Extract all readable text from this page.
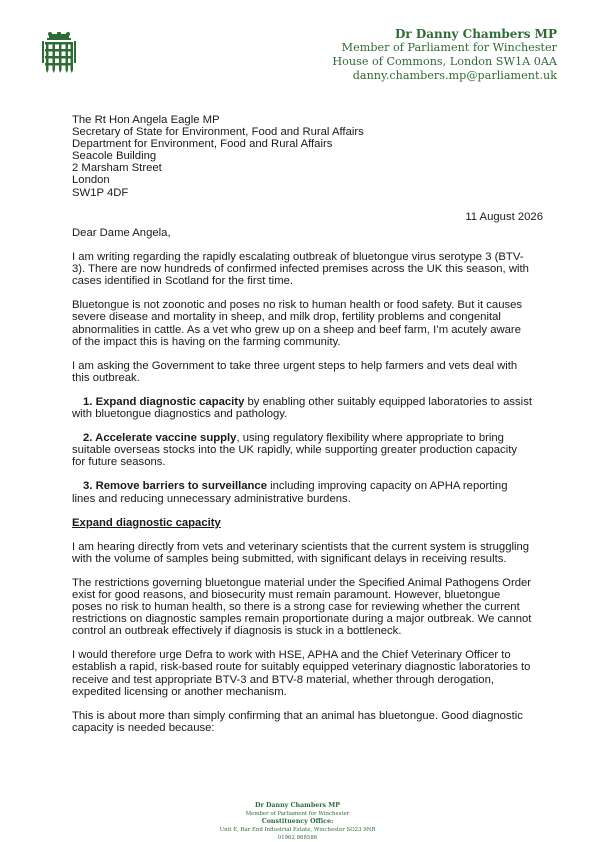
Dr Danny Chambers MP
Member of Parliament for Winchester
House of Commons, London SW1A 0AA
danny.chambers.mp@parliament.uk
The Rt Hon Angela Eagle MP
Secretary of State for Environment, Food and Rural Affairs
Department for Environment, Food and Rural Affairs
Seacole Building
2 Marsham Street
London
SW1P 4DF
11 August 2026

Dear Dame Angela,

I am writing regarding the rapidly escalating outbreak of bluetongue virus serotype 3 (BTV-3). There are now hundreds of confirmed infected premises across the UK this season, with cases identified in Scotland for the first time.

Bluetongue is not zoonotic and poses no risk to human health or food safety. But it causes severe disease and mortality in sheep, and milk drop, fertility problems and congenital abnormalities in cattle. As a vet who grew up on a sheep and beef farm, I’m acutely aware of the impact this is having on the farming community.

I am asking the Government to take three urgent steps to help farmers and vets deal with this outbreak.

1. Expand diagnostic capacity by enabling other suitably equipped laboratories to assist with bluetongue diagnostics and pathology.
2. Accelerate vaccine supply, using regulatory flexibility where appropriate to bring suitable overseas stocks into the UK rapidly, while supporting greater production capacity for future seasons.
3. Remove barriers to surveillance including improving capacity on APHA reporting lines and reducing unnecessary administrative burdens.
Expand diagnostic capacity

I am hearing directly from vets and veterinary scientists that the current system is struggling with the volume of samples being submitted, with significant delays in receiving results.

The restrictions governing bluetongue material under the Specified Animal Pathogens Order exist for good reasons, and biosecurity must remain paramount. However, bluetongue poses no risk to human health, so there is a strong case for reviewing whether the current restrictions on diagnostic samples remain proportionate during a major outbreak. We cannot control an outbreak effectively if diagnosis is stuck in a bottleneck.

I would therefore urge Defra to work with HSE, APHA and the Chief Veterinary Officer to establish a rapid, risk-based route for suitably equipped veterinary diagnostic laboratories to receive and test appropriate BTV-3 and BTV-8 material, whether through derogation, expedited licensing or another mechanism.

This is about more than simply confirming that an animal has bluetongue. Good diagnostic capacity is needed because:

Dr Danny Chambers MP
Member of Parliament for Winchester
Constituency Office:
Unit E, Bar End Industrial Estate, Winchester SO23 9NR
01962 868586
